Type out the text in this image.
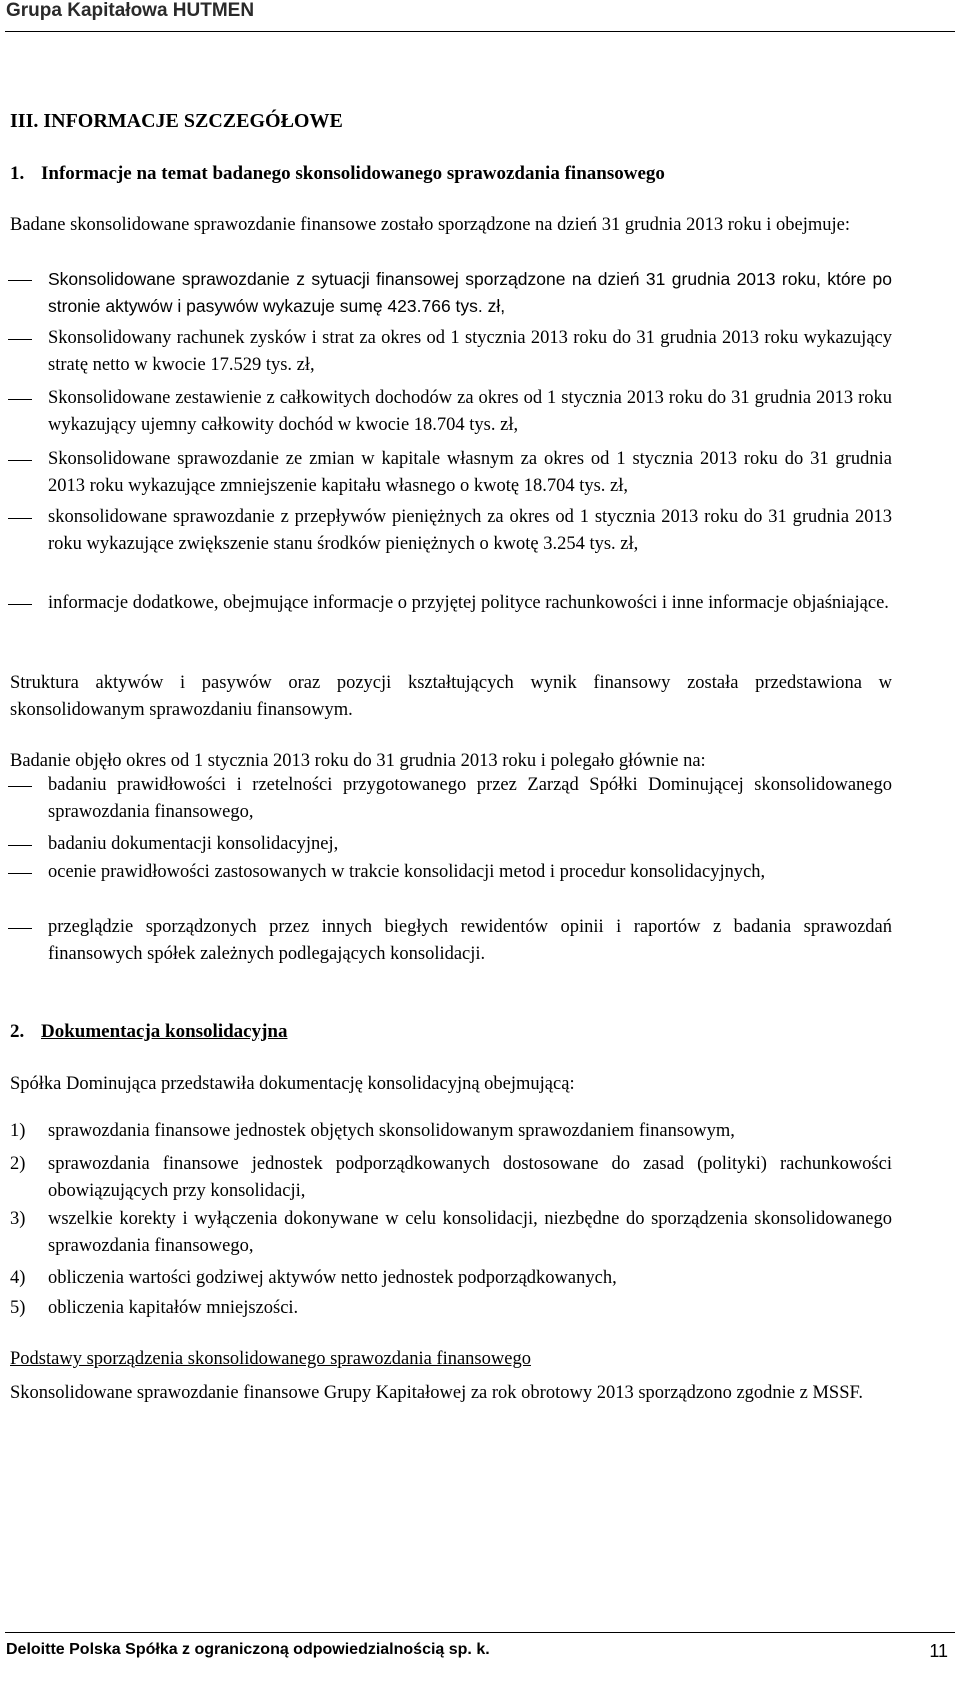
Grupa Kapitałowa HUTMEN
III. INFORMACJE SZCZEGÓŁOWE
1. Informacje na temat badanego skonsolidowanego sprawozdania finansowego
Badane skonsolidowane sprawozdanie finansowe zostało sporządzone na dzień 31 grudnia 2013 roku i obejmuje:
Skonsolidowane sprawozdanie z sytuacji finansowej sporządzone na dzień 31 grudnia 2013 roku, które po stronie aktywów i pasywów wykazuje sumę 423.766 tys. zł,
Skonsolidowany rachunek zysków i strat za okres od 1 stycznia 2013 roku do 31 grudnia 2013 roku wykazujący stratę netto w kwocie 17.529 tys. zł,
Skonsolidowane zestawienie z całkowitych dochodów za okres od 1 stycznia 2013 roku do 31 grudnia 2013 roku wykazujący ujemny całkowity dochód w kwocie 18.704 tys. zł,
Skonsolidowane sprawozdanie ze zmian w kapitale własnym za okres od 1 stycznia 2013 roku do 31 grudnia 2013 roku wykazujące zmniejszenie kapitału własnego o kwotę 18.704 tys. zł,
skonsolidowane sprawozdanie z przepływów pieniężnych za okres od 1 stycznia 2013 roku do 31 grudnia 2013 roku wykazujące zwiększenie stanu środków pieniężnych o kwotę 3.254 tys. zł,
informacje dodatkowe, obejmujące informacje o przyjętej polityce rachunkowości i inne informacje objaśniające.
Struktura aktywów i pasywów oraz pozycji kształtujących wynik finansowy została przedstawiona w skonsolidowanym sprawozdaniu finansowym.
Badanie objęło okres od 1 stycznia 2013 roku do 31 grudnia 2013 roku i polegało głównie na:
badaniu prawidłowości i rzetelności przygotowanego przez Zarząd Spółki Dominującej skonsolidowanego sprawozdania finansowego,
badaniu dokumentacji konsolidacyjnej,
ocenie prawidłowości zastosowanych w trakcie konsolidacji metod i procedur konsolidacyjnych,
przeglądzie sporządzonych przez innych biegłych rewidentów opinii i raportów z badania sprawozdań finansowych spółek zależnych podlegających konsolidacji.
2. Dokumentacja konsolidacyjna
Spółka Dominująca przedstawiła dokumentację konsolidacyjną obejmującą:
1) sprawozdania finansowe jednostek objętych skonsolidowanym sprawozdaniem finansowym,
2) sprawozdania finansowe jednostek podporządkowanych dostosowane do zasad (polityki) rachunkowości obowiązujących przy konsolidacji,
3) wszelkie korekty i wyłączenia dokonywane w celu konsolidacji, niezbędne do sporządzenia skonsolidowanego sprawozdania finansowego,
4) obliczenia wartości godziwej aktywów netto jednostek podporządkowanych,
5) obliczenia kapitałów mniejszości.
Podstawy sporządzenia skonsolidowanego sprawozdania finansowego
Skonsolidowane sprawozdanie finansowe Grupy Kapitałowej za rok obrotowy 2013 sporządzono zgodnie z MSSF.
Deloitte Polska Spółka z ograniczoną odpowiedzialnością sp. k.	11
